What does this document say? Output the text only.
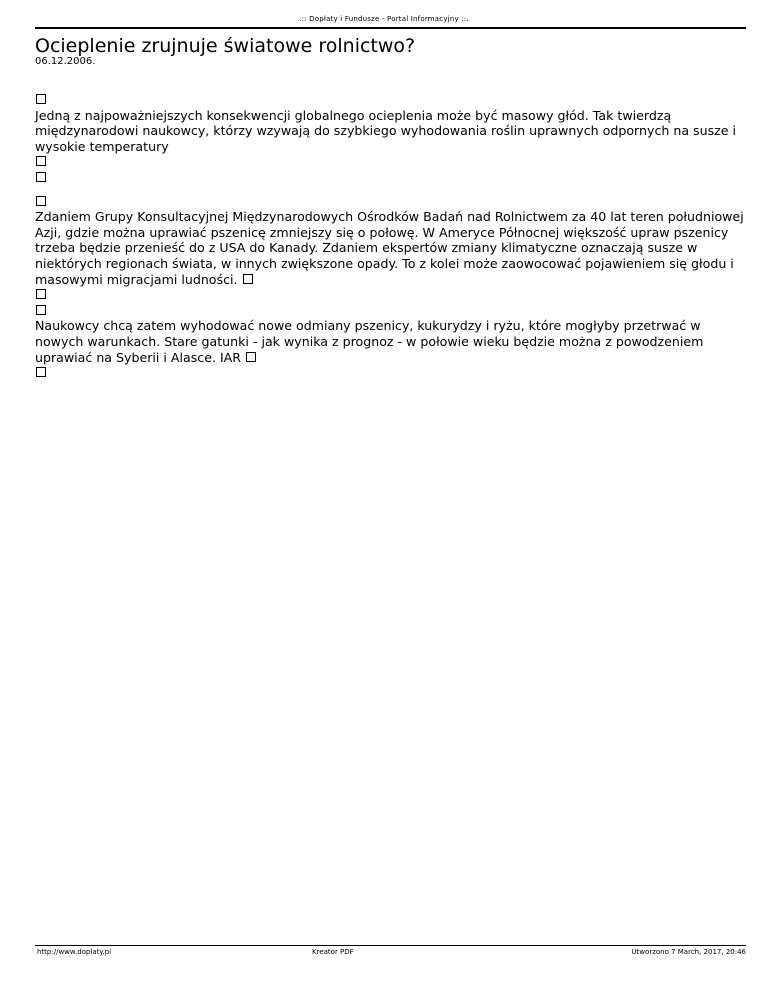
.:: Dopłaty i Fundusze - Portal Informacyjny ::.
Ocieplenie zrujnuje światowe rolnictwo?
06.12.2006.

Jedną z najpoważniejszych konsekwencji globalnego ocieplenia może być masowy głód. Tak twierdzą międzynarodowi naukowcy, którzy wzywają do szybkiego wyhodowania roślin uprawnych odpornych na susze i wysokie temperatury

Zdaniem Grupy Konsultacyjnej Międzynarodowych Ośrodków Badań nad Rolnictwem za 40 lat teren południowej Azji, gdzie można uprawiać pszenicę zmniejszy się o połowę. W Ameryce Północnej większość upraw pszenicy trzeba będzie przenieść do z USA do Kanady. Zdaniem ekspertów zmiany klimatyczne oznaczają susze w niektórych regionach świata, w innych zwiększone opady. To z kolei może zaowocować pojawieniem się głodu i masowymi migracjami ludności.

Naukowcy chcą zatem wyhodować nowe odmiany pszenicy, kukurydzy i ryżu, które mogłyby przetrwać w nowych warunkach. Stare gatunki - jak wynika z prognoz - w połowie wieku będzie można z powodzeniem uprawiać na Syberii i Alasce. IAR

http://www.doplaty.pl	Kreator PDF	Utworzono 7 March, 2017, 20:46
